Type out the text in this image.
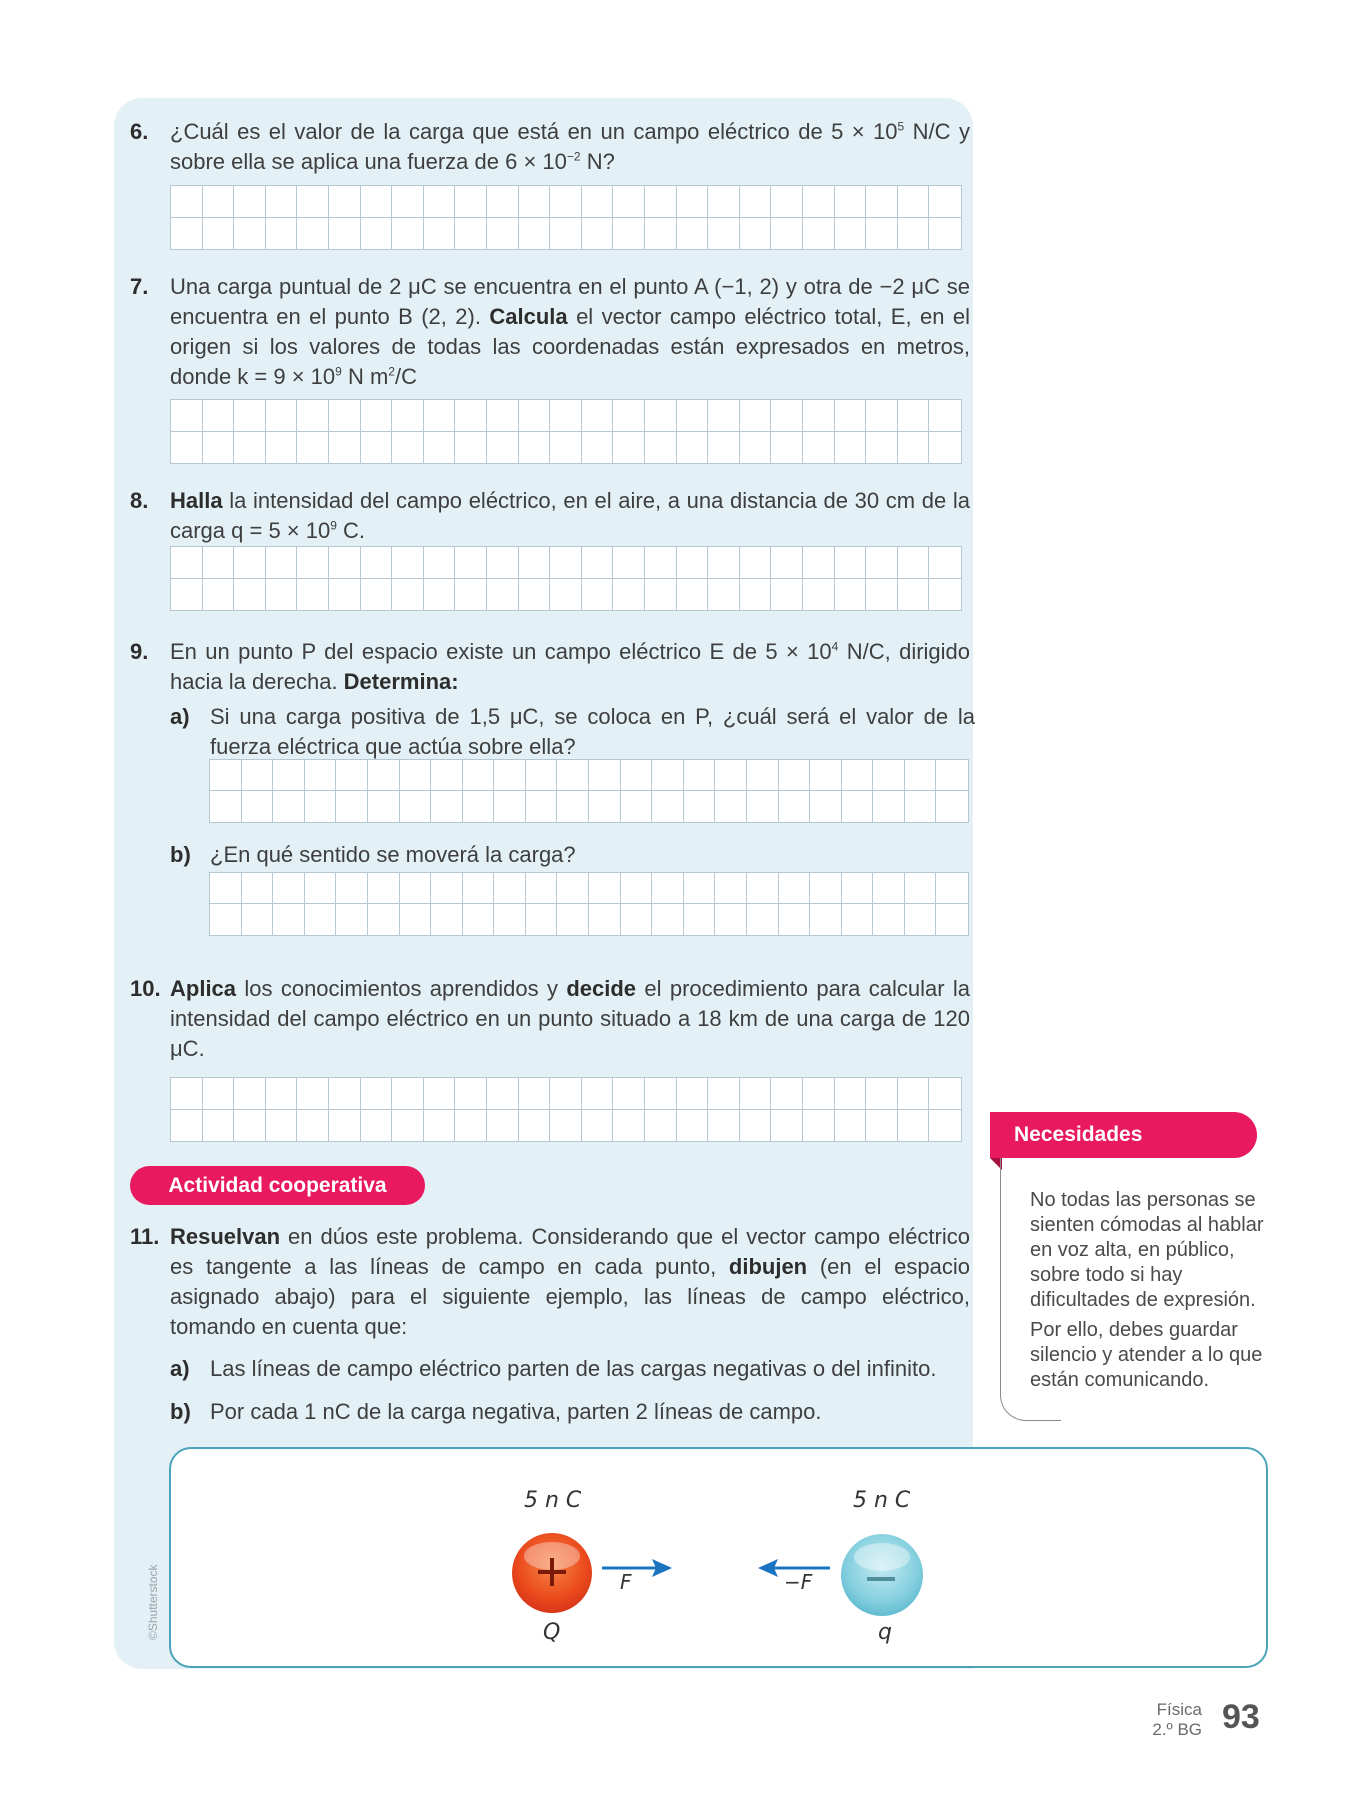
6. ¿Cuál es el valor de la carga que está en un campo eléctrico de $5 \times 10^5$ N/C y sobre ella se aplica una fuerza de $6 \times 10^{-2}$ N?
7. Una carga puntual de 2 μC se encuentra en el punto A (−1, 2) y otra de −2 μC se encuentra en el punto B (2, 2). Calcula el vector campo eléctrico total, E, en el origen si los valores de todas las coordenadas están expresados en metros, donde $k = 9 \times 10^9$ N $m^2/C$
8. Halla la intensidad del campo eléctrico, en el aire, a una distancia de 30 cm de la carga $q = 5 \times 10^9$ C.
9. En un punto P del espacio existe un campo eléctrico E de $5 \times 10^4$ N/C, dirigido hacia la derecha. Determina:
a) Si una carga positiva de 1,5 μC, se coloca en P, ¿cuál será el valor de la fuerza eléctrica que actúa sobre ella?
b) ¿En qué sentido se moverá la carga?
10. Aplica los conocimientos aprendidos y decide el procedimiento para calcular la intensidad del campo eléctrico en un punto situado a 18 km de una carga de 120 μC.
Actividad cooperativa
11. Resuelvan en dúos este problema. Considerando que el vector campo eléctrico es tangente a las líneas de campo en cada punto, dibujen (en el espacio asignado abajo) para el siguiente ejemplo, las líneas de campo eléctrico, tomando en cuenta que:
a) Las líneas de campo eléctrico parten de las cargas negativas o del infinito.
b) Por cada 1 nC de la carga negativa, parten 2 líneas de campo.
Necesidades educativas

No todas las personas se sienten cómodas al hablar en voz alta, en público, sobre todo si hay dificultades de expresión.

Por ello, debes guardar silencio y atender a lo que están comunicando.

©Shutterstock
5 n C	5 n C
Q	q
F	−F
Física
2.º BG 93
